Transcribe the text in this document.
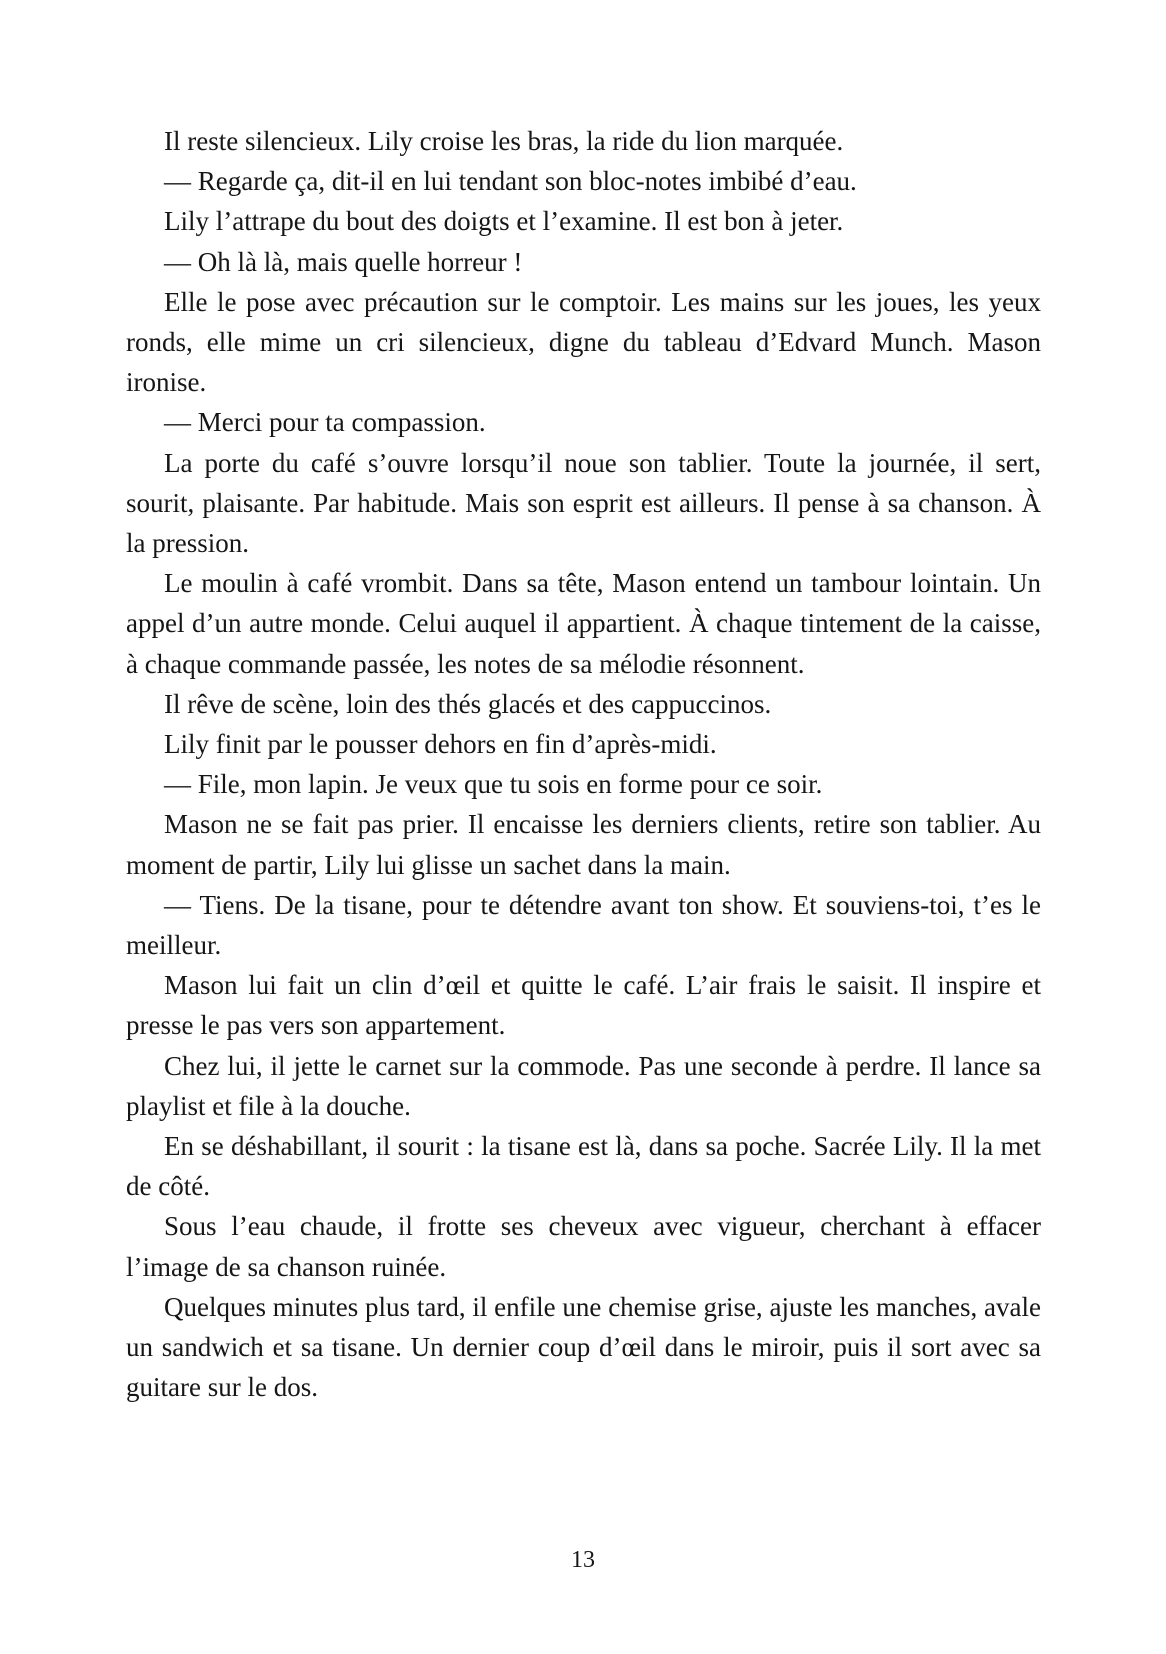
Il reste silencieux. Lily croise les bras, la ride du lion marquée.

— Regarde ça, dit-il en lui tendant son bloc-notes imbibé d’eau.

Lily l’attrape du bout des doigts et l’examine. Il est bon à jeter.

— Oh là là, mais quelle horreur !

Elle le pose avec précaution sur le comptoir. Les mains sur les joues, les yeux ronds, elle mime un cri silencieux, digne du tableau d’Edvard Munch. Mason ironise.

— Merci pour ta compassion.

La porte du café s’ouvre lorsqu’il noue son tablier. Toute la journée, il sert, sourit, plaisante. Par habitude. Mais son esprit est ailleurs. Il pense à sa chanson. À la pression.

Le moulin à café vrombit. Dans sa tête, Mason entend un tambour lointain. Un appel d’un autre monde. Celui auquel il appartient. À chaque tintement de la caisse, à chaque commande passée, les notes de sa mélodie résonnent.

Il rêve de scène, loin des thés glacés et des cappuccinos.

Lily finit par le pousser dehors en fin d’après-midi.

— File, mon lapin. Je veux que tu sois en forme pour ce soir.

Mason ne se fait pas prier. Il encaisse les derniers clients, retire son tablier. Au moment de partir, Lily lui glisse un sachet dans la main.

— Tiens. De la tisane, pour te détendre avant ton show. Et souviens-toi, t’es le meilleur.

Mason lui fait un clin d’œil et quitte le café. L’air frais le saisit. Il inspire et presse le pas vers son appartement.

Chez lui, il jette le carnet sur la commode. Pas une seconde à perdre. Il lance sa playlist et file à la douche.

En se déshabillant, il sourit : la tisane est là, dans sa poche. Sacrée Lily. Il la met de côté.

Sous l’eau chaude, il frotte ses cheveux avec vigueur, cherchant à effacer l’image de sa chanson ruinée.

Quelques minutes plus tard, il enfile une chemise grise, ajuste les manches, avale un sandwich et sa tisane. Un dernier coup d’œil dans le miroir, puis il sort avec sa guitare sur le dos.

13
